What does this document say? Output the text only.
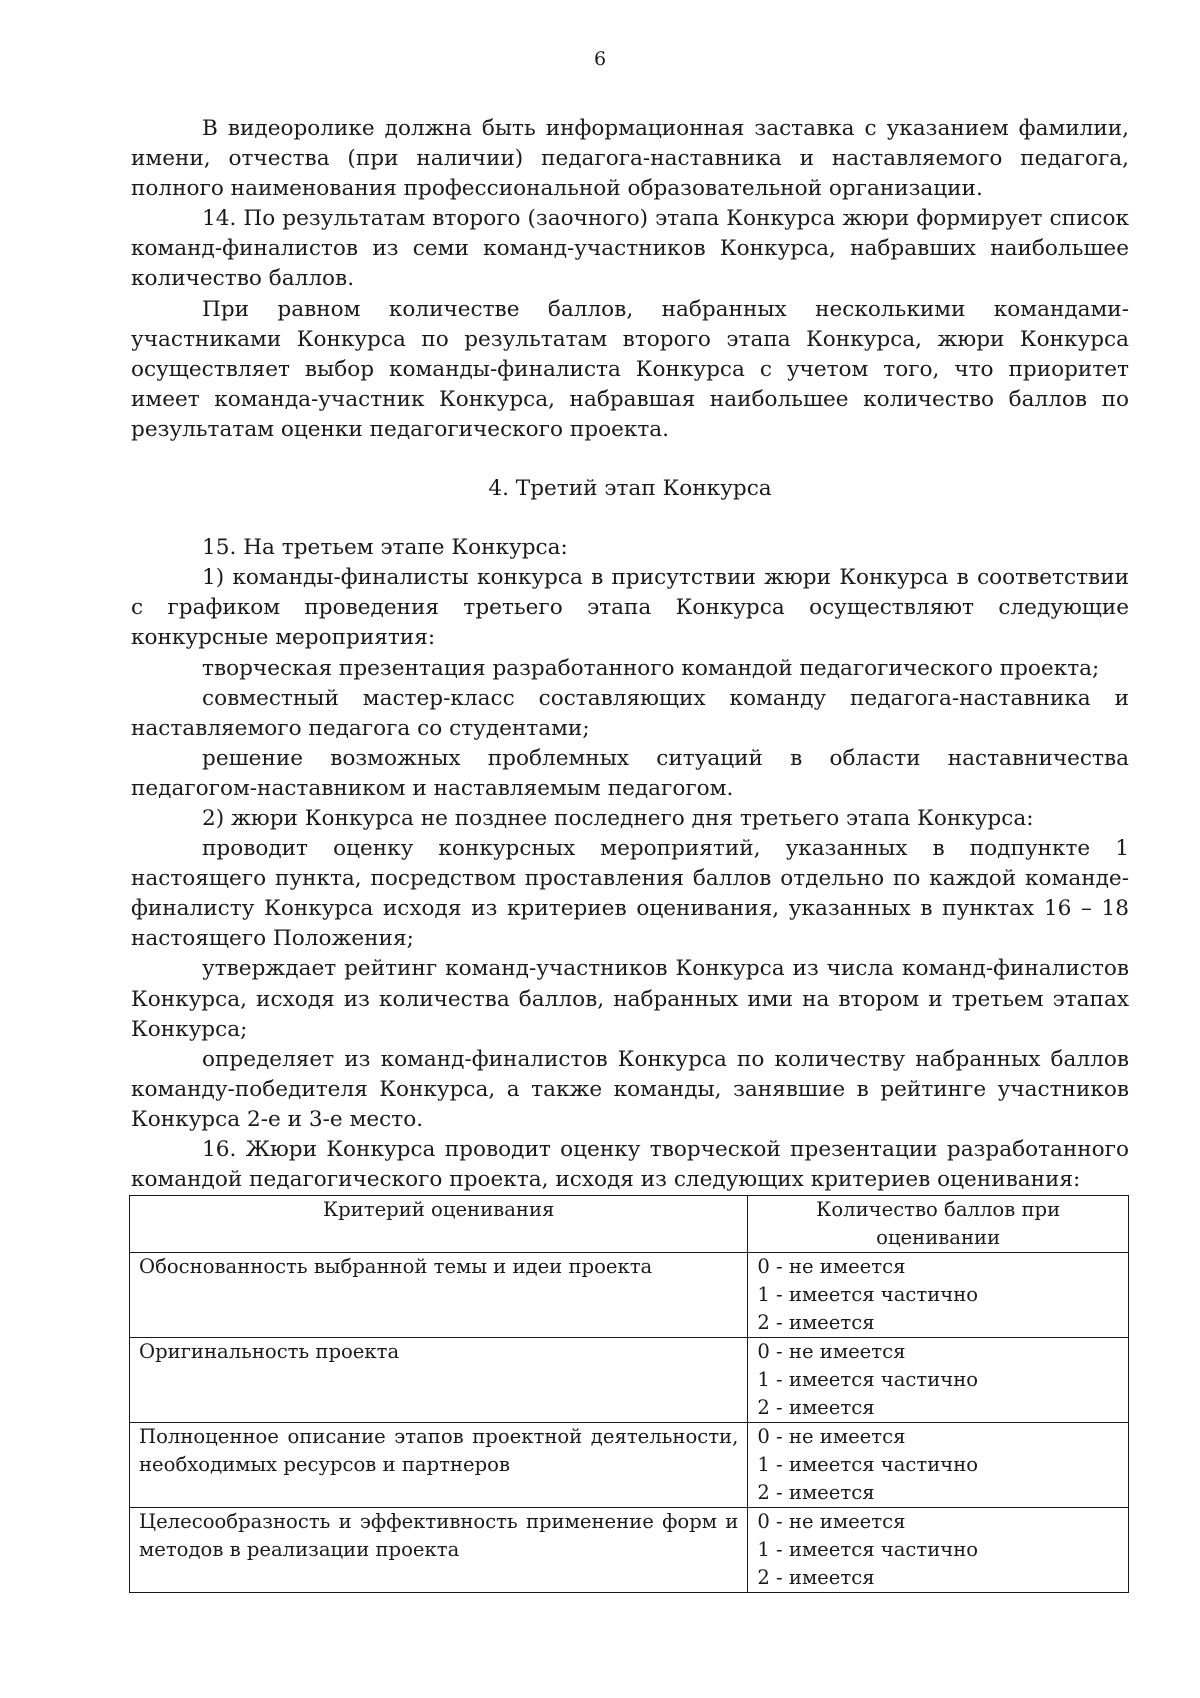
6

В видеоролике должна быть информационная заставка с указанием фамилии, имени, отчества (при наличии) педагога-наставника и наставляемого педагога, полного наименования профессиональной образовательной организации.

14. По результатам второго (заочного) этапа Конкурса жюри формирует список команд-финалистов из семи команд-участников Конкурса, набравших наибольшее количество баллов.

При равном количестве баллов, набранных несколькими командами-участниками Конкурса по результатам второго этапа Конкурса, жюри Конкурса осуществляет выбор команды-финалиста Конкурса с учетом того, что приоритет имеет команда-участник Конкурса, набравшая наибольшее количество баллов по результатам оценки педагогического проекта.

4. Третий этап Конкурса

15. На третьем этапе Конкурса:

1) команды-финалисты конкурса в присутствии жюри Конкурса в соответствии с графиком проведения третьего этапа Конкурса осуществляют следующие конкурсные мероприятия:

творческая презентация разработанного командой педагогического проекта;

совместный мастер-класс составляющих команду педагога-наставника и наставляемого педагога со студентами;

решение возможных проблемных ситуаций в области наставничества педагогом-наставником и наставляемым педагогом.

2) жюри Конкурса не позднее последнего дня третьего этапа Конкурса:

проводит оценку конкурсных мероприятий, указанных в подпункте 1 настоящего пункта, посредством проставления баллов отдельно по каждой команде-финалисту Конкурса исходя из критериев оценивания, указанных в пунктах 16 – 18 настоящего Положения;

утверждает рейтинг команд-участников Конкурса из числа команд-финалистов Конкурса, исходя из количества баллов, набранных ими на втором и третьем этапах Конкурса;

определяет из команд-финалистов Конкурса по количеству набранных баллов команду-победителя Конкурса, а также команды, занявшие в рейтинге участников Конкурса 2-е и 3-е место.

16. Жюри Конкурса проводит оценку творческой презентации разработанного командой педагогического проекта, исходя из следующих критериев оценивания:

Критерий оценивания	Количество баллов при оценивании

Обоснованность выбранной темы и идеи проекта	0 - не имеется
1 - имеется частично
2 - имеется

Оригинальность проекта	0 - не имеется
1 - имеется частично
2 - имеется

Полноценное описание этапов проектной деятельности, необходимых ресурсов и партнеров	0 - не имеется
1 - имеется частично
2 - имеется

Целесообразность и эффективность применение форм и методов в реализации проекта	0 - не имеется
1 - имеется частично
2 - имеется
